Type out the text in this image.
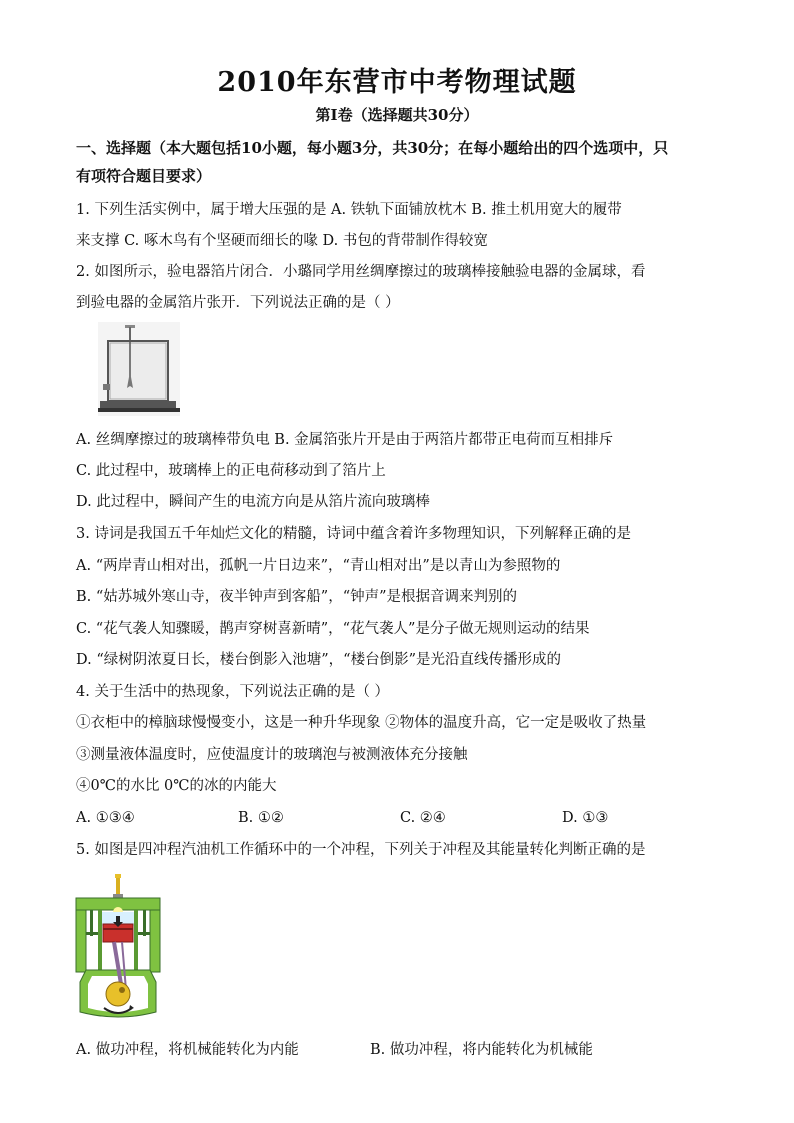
2010年东营市中考物理试题
第Ⅰ卷（选择题共30分）
一、选择题（本大题包括10小题，每小题3分，共30分；在每小题给出的四个选项中，只
有项符合题目要求）
1. 下列生活实例中，属于增大压强的是 A. 铁轨下面铺放枕木 B. 推土机用宽大的履带
来支撑 C. 啄木鸟有个坚硬而细长的喙 D. 书包的背带制作得较宽
2. 如图所示，验电器箔片闭合．小璐同学用丝绸摩擦过的玻璃棒接触验电器的金属球，看
到验电器的金属箔片张开．下列说法正确的是（ ）
A. 丝绸摩擦过的玻璃棒带负电 B. 金属箔张片开是由于两箔片都带正电荷而互相排斥
C. 此过程中，玻璃棒上的正电荷移动到了箔片上
D. 此过程中，瞬间产生的电流方向是从箔片流向玻璃棒
3. 诗词是我国五千年灿烂文化的精髓，诗词中蕴含着许多物理知识，下列解释正确的是
A. “两岸青山相对出，孤帆一片日边来”，“青山相对出”是以青山为参照物的
B. “姑苏城外寒山寺，夜半钟声到客船”，“钟声”是根据音调来判别的
C. “花气袭人知骤暖，鹊声穿树喜新晴”，“花气袭人”是分子做无规则运动的结果
D. “绿树阴浓夏日长，楼台倒影入池塘”，“楼台倒影”是光沿直线传播形成的
4. 关于生活中的热现象，下列说法正确的是（ ）
①衣柜中的樟脑球慢慢变小，这是一种升华现象 ②物体的温度升高，它一定是吸收了热量
③测量液体温度时，应使温度计的玻璃泡与被测液体充分接触
④0℃的水比 0℃的冰的内能大
A. ①③④	B. ①②	C. ②④	D. ①③
5. 如图是四冲程汽油机工作循环中的一个冲程，下列关于冲程及其能量转化判断正确的是
A. 做功冲程，将机械能转化为内能	B. 做功冲程，将内能转化为机械能
